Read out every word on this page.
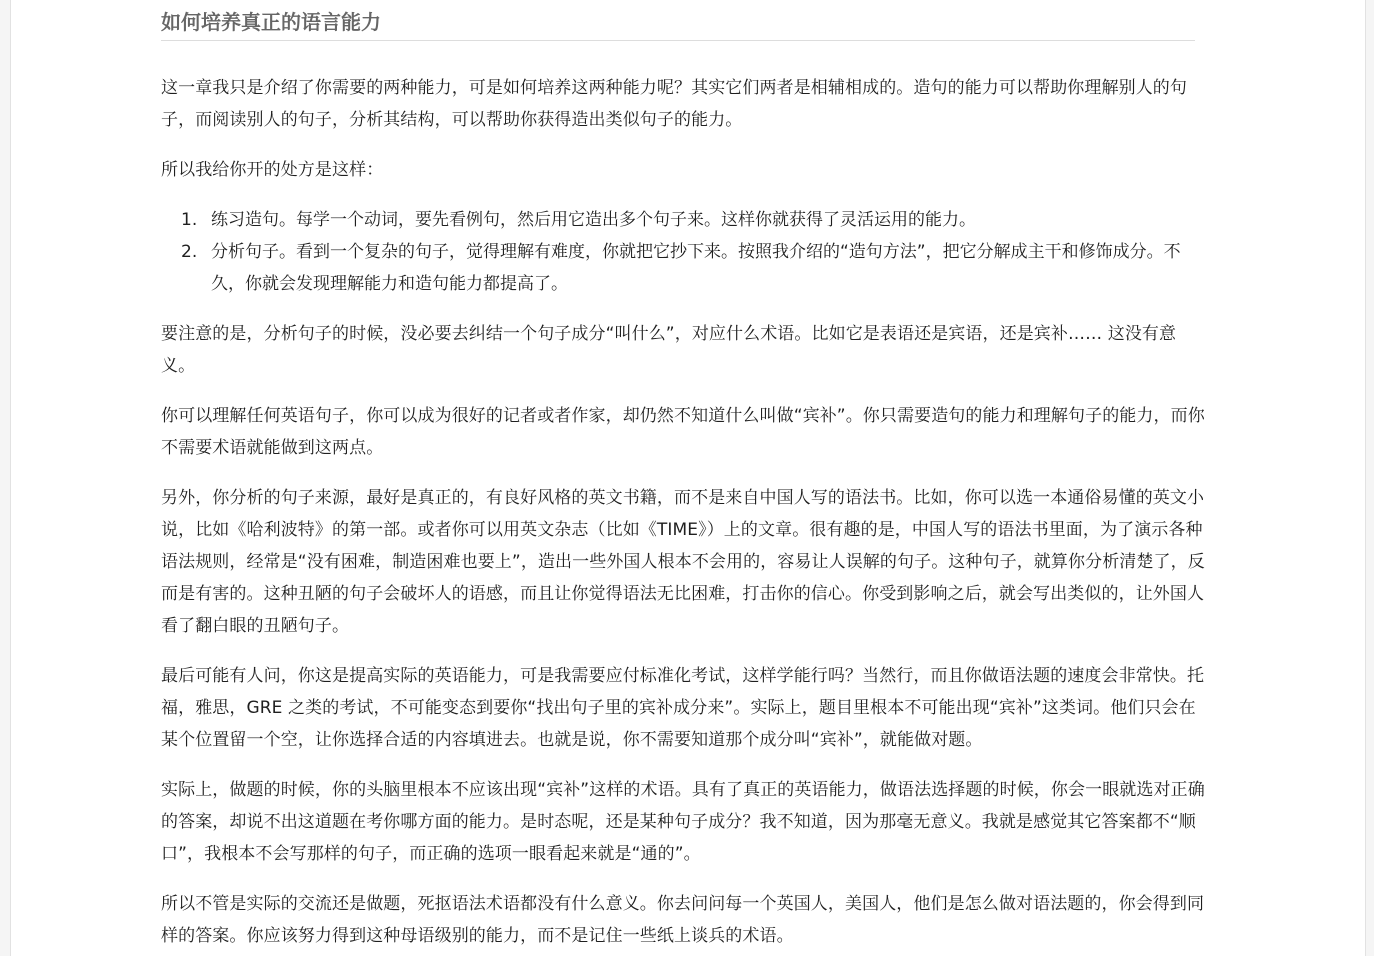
如何培养真正的语言能力

这一章我只是介绍了你需要的两种能力，可是如何培养这两种能力呢？其实它们两者是相辅相成的。造句的能力可以帮助你理解别人的句子，而阅读别人的句子，分析其结构，可以帮助你获得造出类似句子的能力。

所以我给你开的处方是这样：

1. 练习造句。每学一个动词，要先看例句，然后用它造出多个句子来。这样你就获得了灵活运用的能力。
2. 分析句子。看到一个复杂的句子，觉得理解有难度，你就把它抄下来。按照我介绍的“造句方法”，把它分解成主干和修饰成分。不久，你就会发现理解能力和造句能力都提高了。

要注意的是，分析句子的时候，没必要去纠结一个句子成分“叫什么”，对应什么术语。比如它是表语还是宾语，还是宾补…… 这没有意义。

你可以理解任何英语句子，你可以成为很好的记者或者作家，却仍然不知道什么叫做“宾补”。你只需要造句的能力和理解句子的能力，而你不需要术语就能做到这两点。

另外，你分析的句子来源，最好是真正的，有良好风格的英文书籍，而不是来自中国人写的语法书。比如，你可以选一本通俗易懂的英文小说，比如《哈利波特》的第一部。或者你可以用英文杂志（比如《TIME》）上的文章。很有趣的是，中国人写的语法书里面，为了演示各种语法规则，经常是“没有困难，制造困难也要上”，造出一些外国人根本不会用的，容易让人误解的句子。这种句子，就算你分析清楚了，反而是有害的。这种丑陋的句子会破坏人的语感，而且让你觉得语法无比困难，打击你的信心。你受到影响之后，就会写出类似的，让外国人看了翻白眼的丑陋句子。

最后可能有人问，你这是提高实际的英语能力，可是我需要应付标准化考试，这样学能行吗？当然行，而且你做语法题的速度会非常快。托福，雅思，GRE 之类的考试，不可能变态到要你“找出句子里的宾补成分来”。实际上，题目里根本不可能出现“宾补”这类词。他们只会在某个位置留一个空，让你选择合适的内容填进去。也就是说，你不需要知道那个成分叫“宾补”，就能做对题。

实际上，做题的时候，你的头脑里根本不应该出现“宾补”这样的术语。具有了真正的英语能力，做语法选择题的时候，你会一眼就选对正确的答案，却说不出这道题在考你哪方面的能力。是时态呢，还是某种句子成分？我不知道，因为那毫无意义。我就是感觉其它答案都不“顺口”，我根本不会写那样的句子，而正确的选项一眼看起来就是“通的”。

所以不管是实际的交流还是做题，死抠语法术语都没有什么意义。你去问问每一个英国人，美国人，他们是怎么做对语法题的，你会得到同样的答案。你应该努力得到这种母语级别的能力，而不是记住一些纸上谈兵的术语。
